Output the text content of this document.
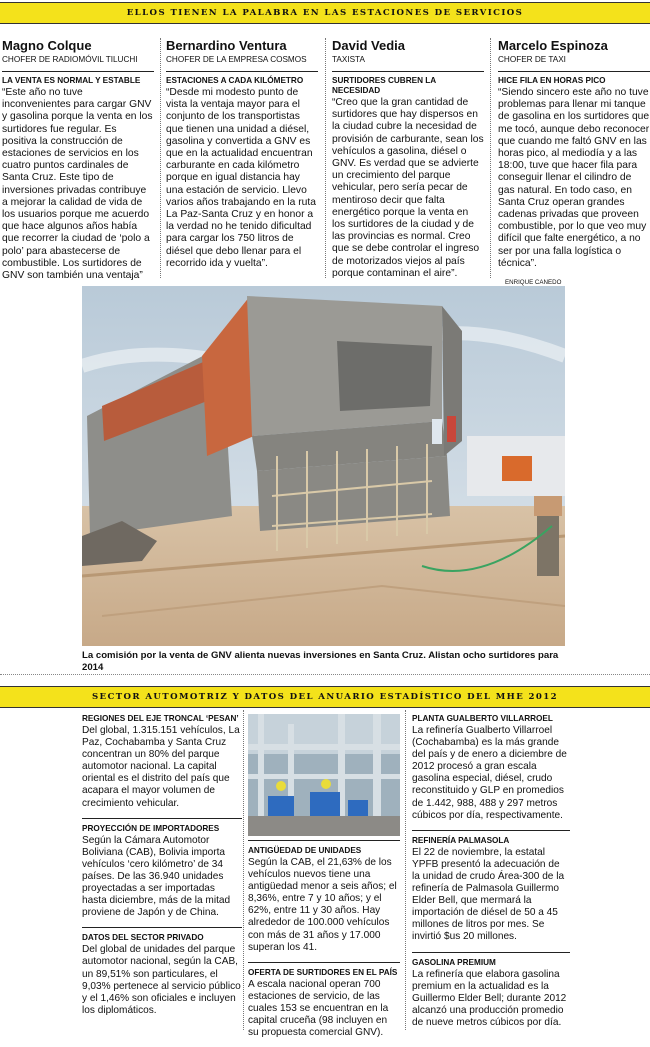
ELLOS TIENEN LA PALABRA EN LAS ESTACIONES DE SERVICIOS

Magno Colque

CHOFER DE RADIOMÓVIL TILUCHI
LA VENTA ES NORMAL Y ESTABLE
“Este año no tuve inconvenientes para cargar GNV y gasolina porque la venta en los surtidores fue regular. Es positiva la construcción de estaciones de servicios en los cuatro puntos cardinales de Santa Cruz. Este tipo de inversiones privadas contribuye a mejorar la calidad de vida de los usuarios porque me acuerdo que hace algunos años había que recorrer la ciudad de ‘polo a polo’ para abastecerse de combustible. Los surtidores de GNV son también una ventaja”

Bernardino Ventura

CHOFER DE LA EMPRESA COSMOS
ESTACIONES A CADA KILÓMETRO
“Desde mi modesto punto de vista la ventaja mayor para el conjunto de los transportistas que tienen una unidad a diésel, gasolina y convertida a GNV es que en la actualidad encuentran carburante en cada kilómetro porque en igual distancia hay una estación de servicio. Llevo varios años trabajando en la ruta La Paz-Santa Cruz y en honor a la verdad no he tenido dificultad para cargar los 750 litros de diésel que debo llenar para el recorrido ida y vuelta”.

David Vedia

TAXISTA
SURTIDORES CUBREN LA NECESIDAD
“Creo que la gran cantidad de surtidores que hay dispersos en la ciudad cubre la necesidad de provisión de carburante, sean los vehículos a gasolina, diésel o GNV. Es verdad que se advierte un crecimiento del parque vehicular, pero sería pecar de mentiroso decir que falta energético porque la venta en los surtidores de la ciudad y de las provincias es normal. Creo que se debe controlar el ingreso de motorizados viejos al país porque contaminan el aire”.

Marcelo Espinoza

CHOFER DE TAXI
HICE FILA EN HORAS PICO
“Siendo sincero este año no tuve problemas para llenar mi tanque de gasolina en los surtidores que me tocó, aunque debo reconocer que cuando me faltó GNV en las horas pico, al mediodía y a las 18:00, tuve que hacer fila para conseguir llenar el cilindro de gas natural. En todo caso, en Santa Cruz operan grandes cadenas privadas que proveen combustible, por lo que veo muy difícil que falte energético, a no ser por una falla logística o técnica”.
ENRIQUE CANEDO
La comisión por la venta de GNV alienta nuevas inversiones en Santa Cruz. Alistan ocho surtidores para 2014
SECTOR AUTOMOTRIZ Y DATOS DEL ANUARIO ESTADÍSTICO DEL MHE 2012
REGIONES DEL EJE TRONCAL ‘PESAN’

Del global, 1.315.151 vehículos, La Paz, Cochabamba y Santa Cruz concentran un 80% del parque automotor nacional. La capital oriental es el distrito del país que acapara el mayor volumen de crecimiento vehicular.

PROYECCIÓN DE IMPORTADORES

Según la Cámara Automotor Boliviana (CAB), Bolivia importa vehículos ‘cero kilómetro’ de 34 países. De las 36.940 unidades proyectadas a ser importadas hasta diciembre, más de la mitad proviene de Japón y de China.

DATOS DEL SECTOR PRIVADO

Del global de unidades del parque automotor nacional, según la CAB, un 89,51% son particulares, el 9,03% pertenece al servicio público y el 1,46% son oficiales e incluyen los diplomáticos.

ANTIGÜEDAD DE UNIDADES

Según la CAB, el 21,63% de los vehículos nuevos tiene una antigüedad menor a seis años; el 8,36%, entre 7 y 10 años; y el 62%, entre 11 y 30 años. Hay alrededor de 100.000 vehículos con más de 31 años y 17.000 superan los 41.

OFERTA DE SURTIDORES EN EL PAÍS

A escala nacional operan 700 estaciones de servicio, de las cuales 153 se encuentran en la capital cruceña (98 incluyen en su propuesta comercial GNV).

PLANTA GUALBERTO VILLARROEL

La refinería Gualberto Villarroel (Cochabamba) es la más grande del país y de enero a diciembre de 2012 procesó a gran escala gasolina especial, diésel, crudo reconstituido y GLP en promedios de 1.442, 988, 488 y 297 metros cúbicos por día, respectivamente.

REFINERÍA PALMASOLA

El 22 de noviembre, la estatal YPFB presentó la adecuación de la unidad de crudo Área-300 de la refinería de Palmasola Guillermo Elder Bell, que mermará la importación de diésel de 50 a 45 millones de litros por mes. Se invirtió $us 20 millones.

GASOLINA PREMIUM

La refinería que elabora gasolina premium en la actualidad es la Guillermo Elder Bell; durante 2012 alcanzó una producción promedio de nueve metros cúbicos por día.
